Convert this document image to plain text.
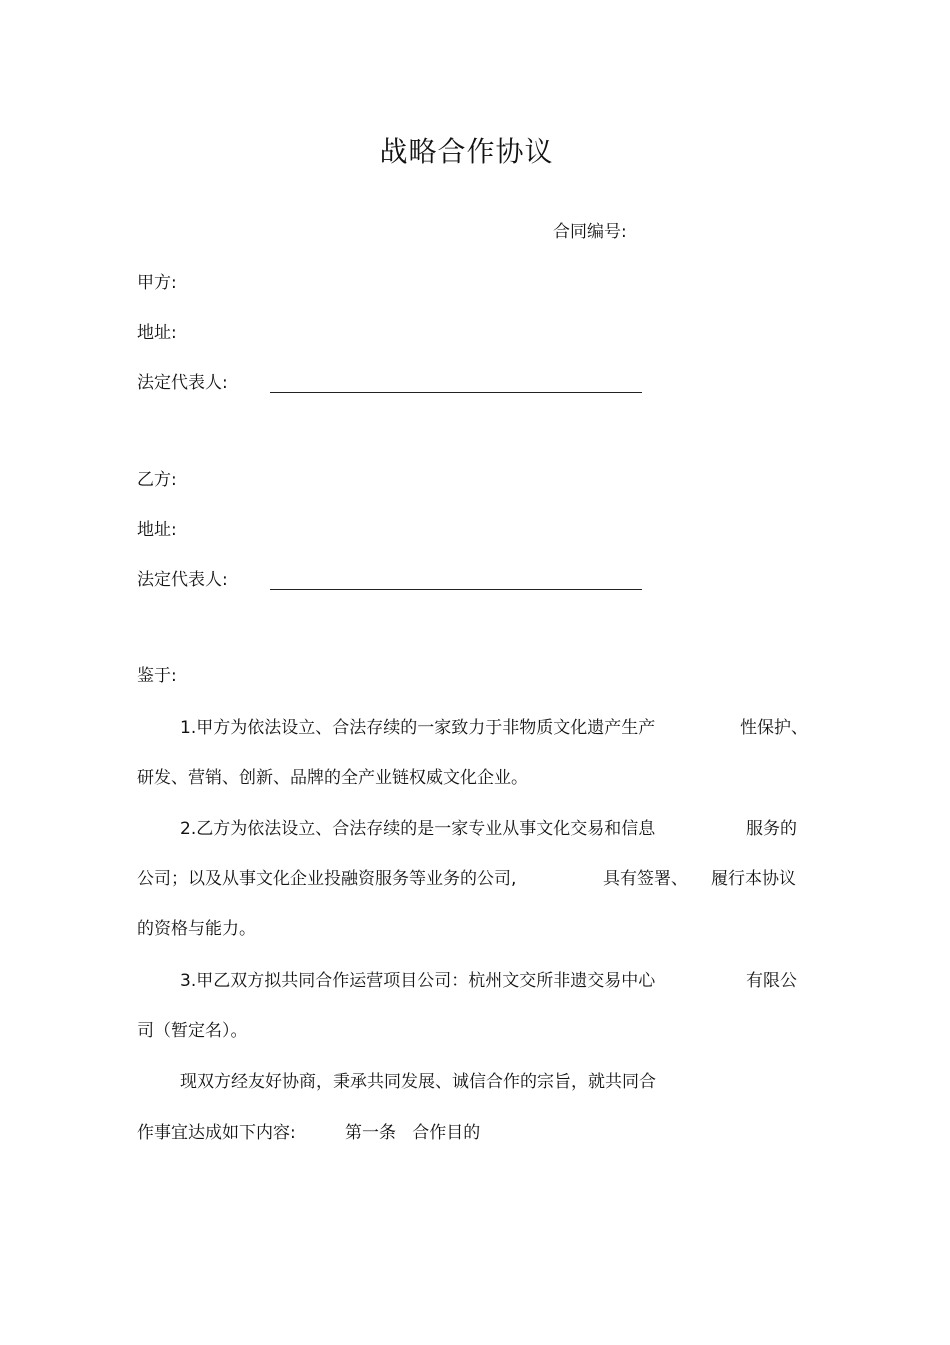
战略合作协议
合同编号:
甲方:
地址:
法定代表人:
乙方:
地址:
法定代表人:
鉴于:
1.甲方为依法设立、合法存续的一家致力于非物质文化遗产生产	性保护、
研发、营销、创新、品牌的全产业链权威文化企业。
2.乙方为依法设立、合法存续的是一家专业从事文化交易和信息	服务的
公司；以及从事文化企业投融资服务等业务的公司,	具有签署、 履行本协议
的资格与能力。
3.甲乙双方拟共同合作运营项目公司：杭州文交所非遗交易中心	有限公
司（暂定名）。
现双方经友好协商，秉承共同发展、诚信合作的宗旨，就共同合
作事宜达成如下内容:	第一条   合作目的
